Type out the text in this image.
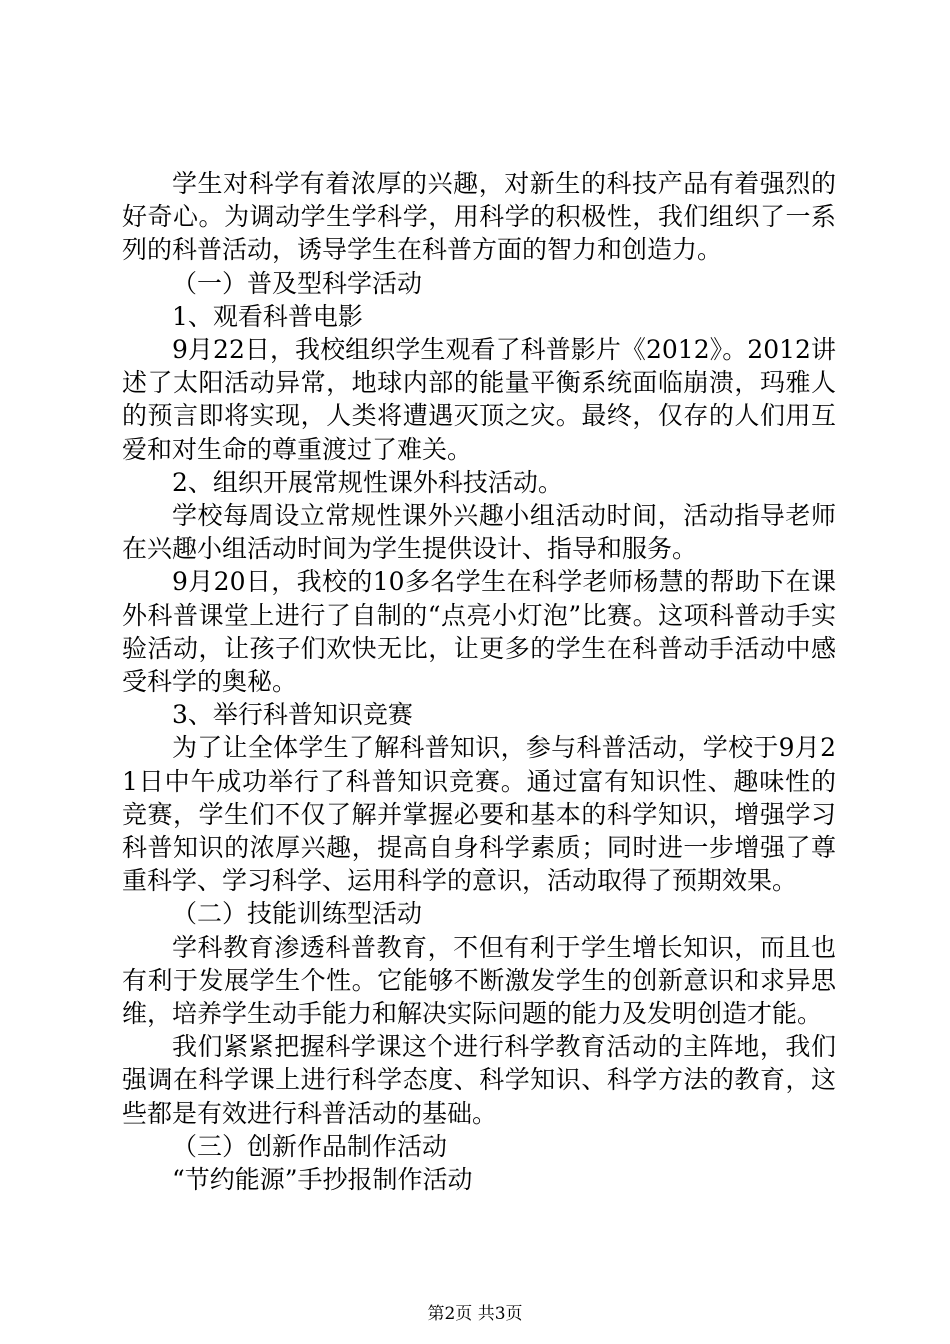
学生对科学有着浓厚的兴趣，对新生的科技产品有着强烈的好奇心。为调动学生学科学，用科学的积极性，我们组织了一系列的科普活动，诱导学生在科普方面的智力和创造力。

（一）普及型科学活动

1、观看科普电影

9月22日，我校组织学生观看了科普影片《2012》。2012讲述了太阳活动异常，地球内部的能量平衡系统面临崩溃，玛雅人的预言即将实现，人类将遭遇灭顶之灾。最终，仅存的人们用互爱和对生命的尊重渡过了难关。

2、组织开展常规性课外科技活动。

学校每周设立常规性课外兴趣小组活动时间，活动指导老师在兴趣小组活动时间为学生提供设计、指导和服务。

9月20日，我校的10多名学生在科学老师杨慧的帮助下在课外科普课堂上进行了自制的“点亮小灯泡”比赛。这项科普动手实验活动，让孩子们欢快无比，让更多的学生在科普动手活动中感受科学的奥秘。

3、举行科普知识竞赛

为了让全体学生了解科普知识，参与科普活动，学校于9月21日中午成功举行了科普知识竞赛。通过富有知识性、趣味性的竞赛，学生们不仅了解并掌握必要和基本的科学知识，增强学习科普知识的浓厚兴趣，提高自身科学素质；同时进一步增强了尊重科学、学习科学、运用科学的意识，活动取得了预期效果。

（二）技能训练型活动

学科教育渗透科普教育，不但有利于学生增长知识，而且也有利于发展学生个性。它能够不断激发学生的创新意识和求异思维，培养学生动手能力和解决实际问题的能力及发明创造才能。

我们紧紧把握科学课这个进行科学教育活动的主阵地，我们强调在科学课上进行科学态度、科学知识、科学方法的教育，这些都是有效进行科普活动的基础。

（三）创新作品制作活动

“节约能源”手抄报制作活动

第2页 共3页
